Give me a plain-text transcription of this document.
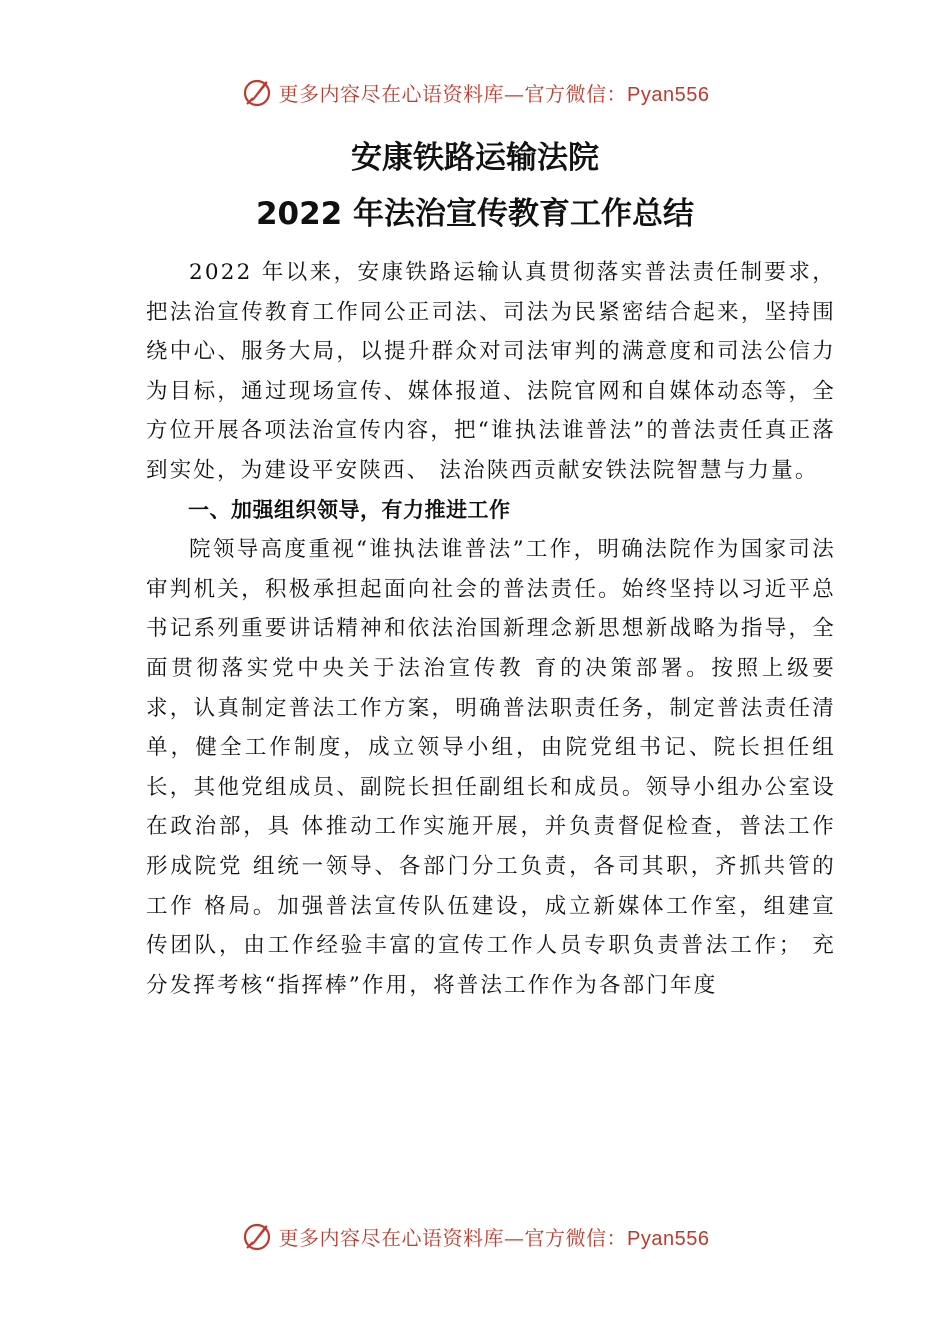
更多内容尽在心语资料库—官方微信：Pyan556
安康铁路运输法院
2022 年法治宣传教育工作总结

2022 年以来，安康铁路运输认真贯彻落实普法责任制要求，把法治宣传教育工作同公正司法、司法为民紧密结合起来，坚持围绕中心、服务大局，以提升群众对司法审判的满意度和司法公信力为目标，通过现场宣传、媒体报道、法院官网和自媒体动态等，全方位开展各项法治宣传内容，把“谁执法谁普法”的普法责任真正落到实处，为建设平安陕西、 法治陕西贡献安铁法院智慧与力量。

一、加强组织领导，有力推进工作

院领导高度重视“谁执法谁普法”工作，明确法院作为国家司法审判机关，积极承担起面向社会的普法责任。始终坚持以习近平总书记系列重要讲话精神和依法治国新理念新思想新战略为指导，全面贯彻落实党中央关于法治宣传教 育的决策部署。按照上级要求，认真制定普法工作方案，明确普法职责任务，制定普法责任清单，健全工作制度，成立领导小组，由院党组书记、院长担任组长，其他党组成员、副院长担任副组长和成员。领导小组办公室设在政治部，具 体推动工作实施开展，并负责督促检查，普法工作形成院党 组统一领导、各部门分工负责，各司其职，齐抓共管的工作 格局。加强普法宣传队伍建设，成立新媒体工作室，组建宣传团队，由工作经验丰富的宣传工作人员专职负责普法工作； 充分发挥考核“指挥棒”作用，将普法工作作为各部门年度

更多内容尽在心语资料库—官方微信：Pyan556
